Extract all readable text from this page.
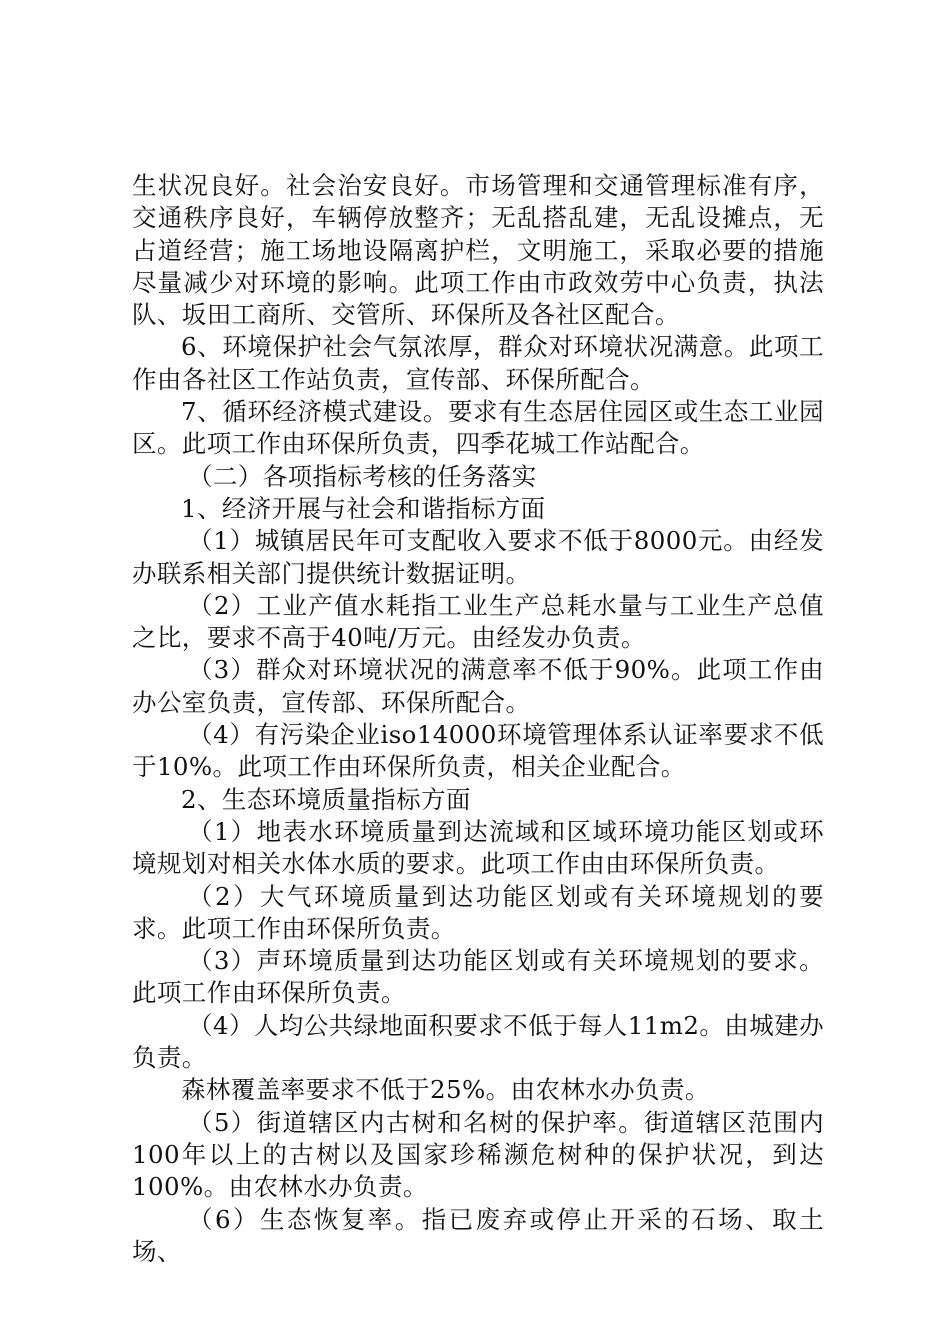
生状况良好。社会治安良好。市场管理和交通管理标准有序，交通秩序良好，车辆停放整齐；无乱搭乱建，无乱设摊点，无占道经营；施工场地设隔离护栏，文明施工，采取必要的措施尽量减少对环境的影响。此项工作由市政效劳中心负责，执法队、坂田工商所、交管所、环保所及各社区配合。

6、环境保护社会气氛浓厚，群众对环境状况满意。此项工作由各社区工作站负责，宣传部、环保所配合。

7、循环经济模式建设。要求有生态居住园区或生态工业园区。此项工作由环保所负责，四季花城工作站配合。

（二）各项指标考核的任务落实

1、经济开展与社会和谐指标方面

（1）城镇居民年可支配收入要求不低于8000元。由经发办联系相关部门提供统计数据证明。

（2）工业产值水耗指工业生产总耗水量与工业生产总值之比，要求不高于40吨/万元。由经发办负责。

（3）群众对环境状况的满意率不低于90%。此项工作由办公室负责，宣传部、环保所配合。

（4）有污染企业iso14000环境管理体系认证率要求不低于10%。此项工作由环保所负责，相关企业配合。

2、生态环境质量指标方面

（1）地表水环境质量到达流域和区域环境功能区划或环境规划对相关水体水质的要求。此项工作由由环保所负责。

（2）大气环境质量到达功能区划或有关环境规划的要求。此项工作由环保所负责。

（3）声环境质量到达功能区划或有关环境规划的要求。此项工作由环保所负责。

（4）人均公共绿地面积要求不低于每人11m2。由城建办负责。

森林覆盖率要求不低于25%。由农林水办负责。

（5）街道辖区内古树和名树的保护率。街道辖区范围内100年以上的古树以及国家珍稀濒危树种的保护状况，到达100%。由农林水办负责。

（6）生态恢复率。指已废弃或停止开采的石场、取土场、
